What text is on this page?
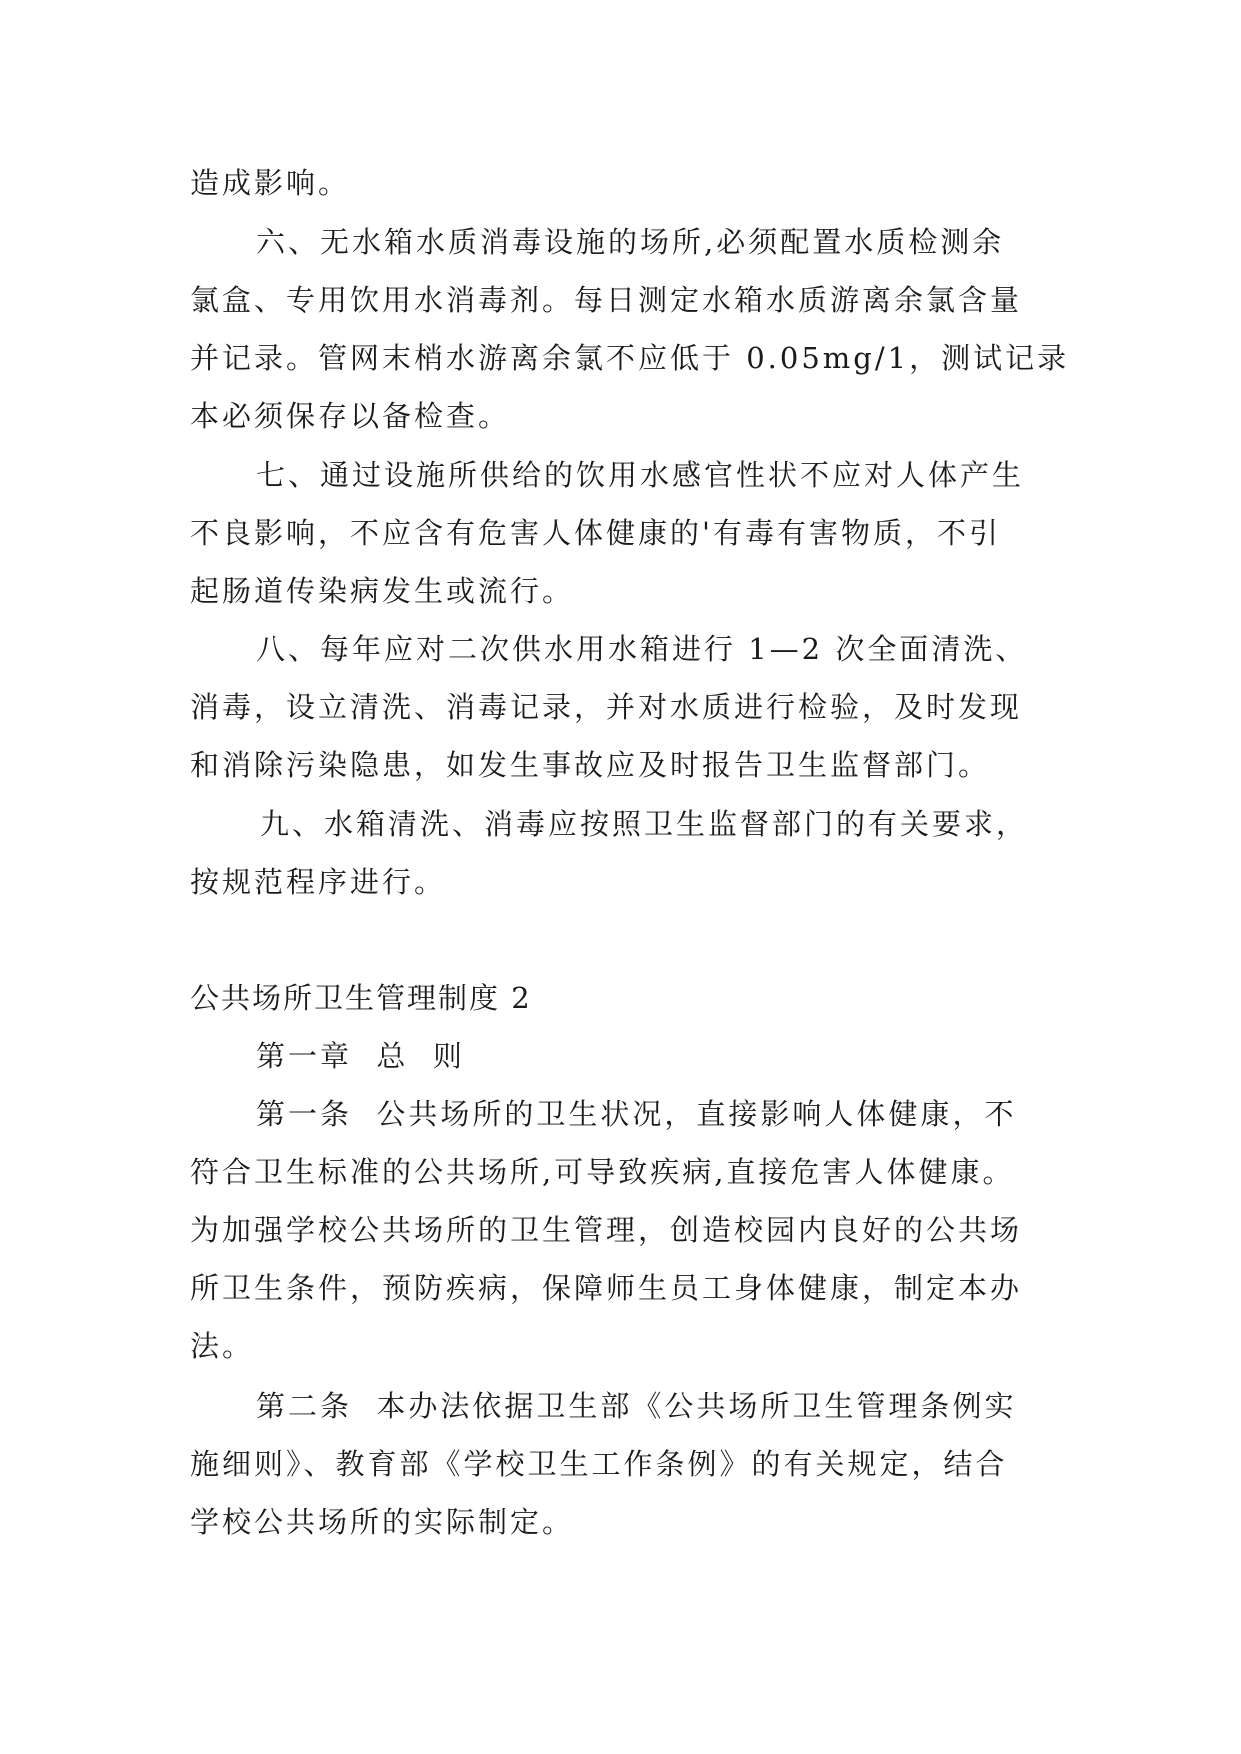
造成影响。
六、无水箱水质消毒设施的场所,必须配置水质检测余
氯盒、专用饮用水消毒剂。每日测定水箱水质游离余氯含量
并记录。管网末梢水游离余氯不应低于 0.05mg/1，测试记录
本必须保存以备检查。
七、通过设施所供给的饮用水感官性状不应对人体产生
不良影响，不应含有危害人体健康的'有毒有害物质，不引
起肠道传染病发生或流行。
八、每年应对二次供水用水箱进行 1—2 次全面清洗、
消毒，设立清洗、消毒记录，并对水质进行检验，及时发现
和消除污染隐患，如发生事故应及时报告卫生监督部门。
九、水箱清洗、消毒应按照卫生监督部门的有关要求，
按规范程序进行。
公共场所卫生管理制度 2
第一章  总  则
第一条  公共场所的卫生状况，直接影响人体健康，不
符合卫生标准的公共场所,可导致疾病,直接危害人体健康。
为加强学校公共场所的卫生管理，创造校园内良好的公共场
所卫生条件，预防疾病，保障师生员工身体健康，制定本办
法。
第二条  本办法依据卫生部《公共场所卫生管理条例实
施细则》、教育部《学校卫生工作条例》的有关规定，结合
学校公共场所的实际制定。
